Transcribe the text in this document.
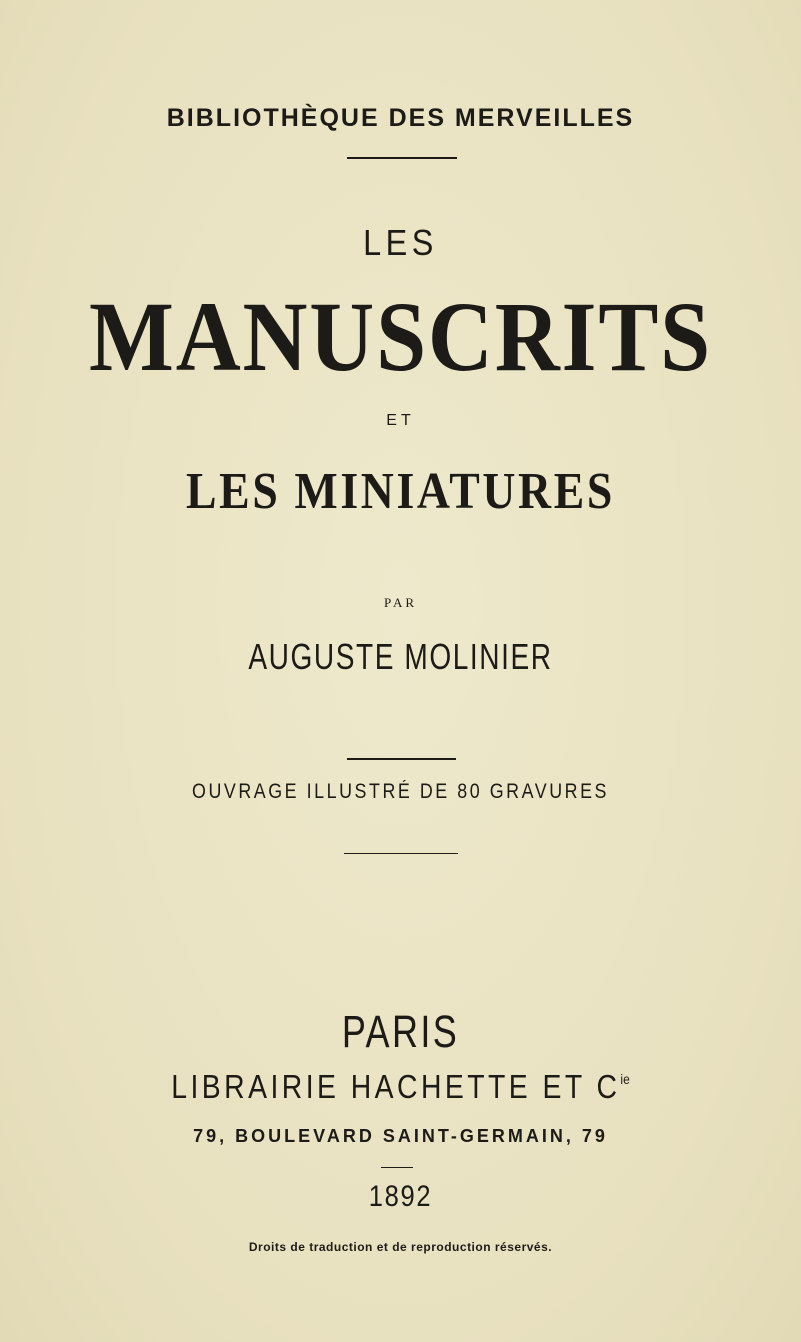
BIBLIOTHÈQUE DES MERVEILLES
LES
MANUSCRITS
ET
LES MINIATURES
PAR
AUGUSTE MOLINIER
OUVRAGE ILLUSTRÉ DE 80 GRAVURES
PARIS
LIBRAIRIE HACHETTE ET $C^{ie}$
79, BOULEVARD SAINT-GERMAIN, 79
1892
Droits de traduction et de reproduction réservés.
